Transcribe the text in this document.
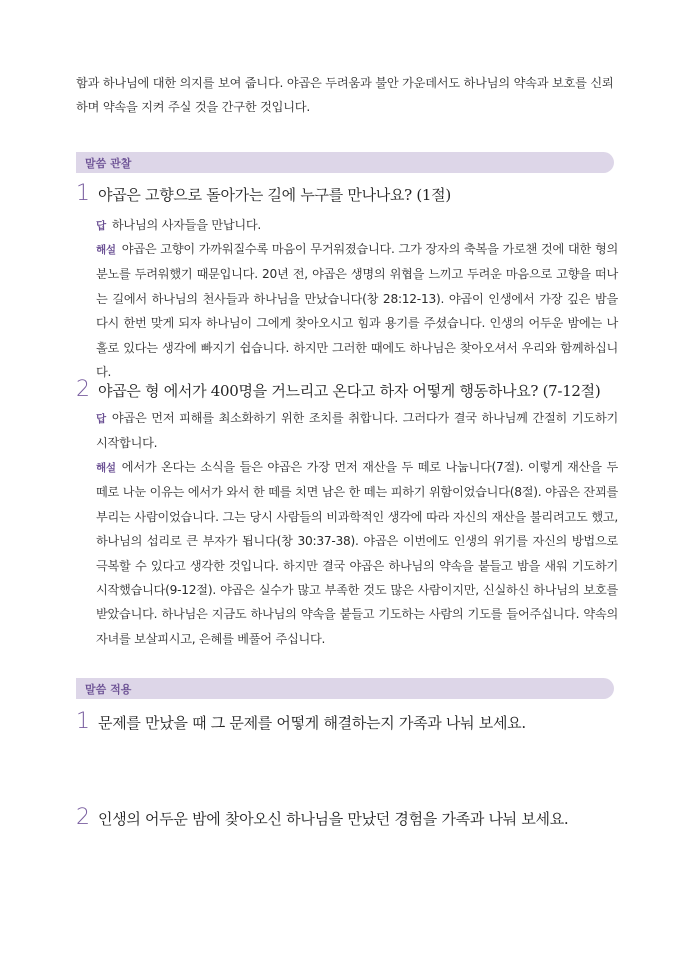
함과 하나님에 대한 의지를 보여 줍니다. 야곱은 두려움과 불안 가운데서도 하나님의 약속과 보호를 신뢰하며 약속을 지켜 주실 것을 간구한 것입니다.

말씀 관찰
1 야곱은 고향으로 돌아가는 길에 누구를 만나나요? (1절)

답 하나님의 사자들을 만납니다.

해설 야곱은 고향이 가까워질수록 마음이 무거워졌습니다. 그가 장자의 축복을 가로챈 것에 대한 형의 분노를 두려워했기 때문입니다. 20년 전, 야곱은 생명의 위협을 느끼고 두려운 마음으로 고향을 떠나는 길에서 하나님의 천사들과 하나님을 만났습니다(창 28:12-13). 야곱이 인생에서 가장 깊은 밤을 다시 한번 맞게 되자 하나님이 그에게 찾아오시고 힘과 용기를 주셨습니다. 인생의 어두운 밤에는 나 홀로 있다는 생각에 빠지기 쉽습니다. 하지만 그러한 때에도 하나님은 찾아오셔서 우리와 함께하십니다.

2 야곱은 형 에서가 400명을 거느리고 온다고 하자 어떻게 행동하나요? (7-12절)

답 야곱은 먼저 피해를 최소화하기 위한 조치를 취합니다. 그러다가 결국 하나님께 간절히 기도하기 시작합니다.

해설 에서가 온다는 소식을 들은 야곱은 가장 먼저 재산을 두 떼로 나눕니다(7절). 이렇게 재산을 두 떼로 나눈 이유는 에서가 와서 한 떼를 치면 남은 한 떼는 피하기 위함이었습니다(8절). 야곱은 잔꾀를 부리는 사람이었습니다. 그는 당시 사람들의 비과학적인 생각에 따라 자신의 재산을 불리려고도 했고, 하나님의 섭리로 큰 부자가 됩니다(창 30:37-38). 야곱은 이번에도 인생의 위기를 자신의 방법으로 극복할 수 있다고 생각한 것입니다. 하지만 결국 야곱은 하나님의 약속을 붙들고 밤을 새워 기도하기 시작했습니다(9-12절). 야곱은 실수가 많고 부족한 것도 많은 사람이지만, 신실하신 하나님의 보호를 받았습니다. 하나님은 지금도 하나님의 약속을 붙들고 기도하는 사람의 기도를 들어주십니다. 약속의 자녀를 보살피시고, 은혜를 베풀어 주십니다.

말씀 적용
1 문제를 만났을 때 그 문제를 어떻게 해결하는지 가족과 나눠 보세요.
2 인생의 어두운 밤에 찾아오신 하나님을 만났던 경험을 가족과 나눠 보세요.
